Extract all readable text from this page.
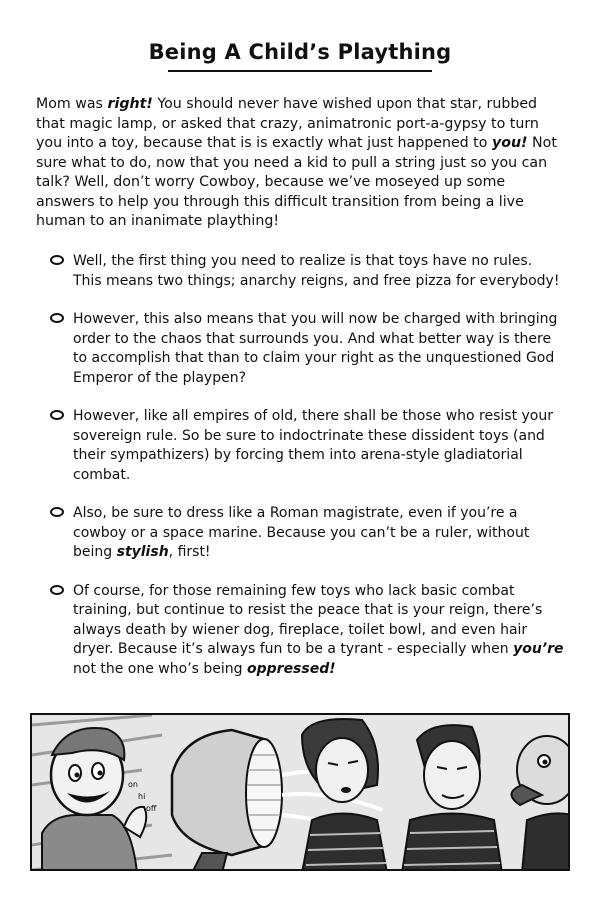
Being A Child’s Plaything
Mom was right! You should never have wished upon that star, rubbed that magic lamp, or asked that crazy, animatronic port-a-gypsy to turn you into a toy, because that is is exactly what just happened to you! Not sure what to do, now that you need a kid to pull a string just so you can talk? Well, don’t worry Cowboy, because we’ve moseyed up some answers to help you through this difficult transition from being a live human to an inanimate plaything!
Well, the first thing you need to realize is that toys have no rules. This means two things; anarchy reigns, and free pizza for everybody!
However, this also means that you will now be charged with bringing order to the chaos that surrounds you. And what better way is there to accomplish that than to claim your right as the unquestioned God Emperor of the playpen?
However, like all empires of old, there shall be those who resist your sovereign rule. So be sure to indoctrinate these dissident toys (and their sympathizers) by forcing them into arena-style gladiatorial combat.
Also, be sure to dress like a Roman magistrate, even if you’re a cowboy or a space marine. Because you can’t be a ruler, without being stylish, first!
Of course, for those remaining few toys who lack basic combat training, but continue to resist the peace that is your reign, there’s always death by wiener dog, fireplace, toilet bowl, and even hair dryer. Because it’s always fun to be a tyrant - especially when you’re not the one who’s being oppressed!
on
hi
off
